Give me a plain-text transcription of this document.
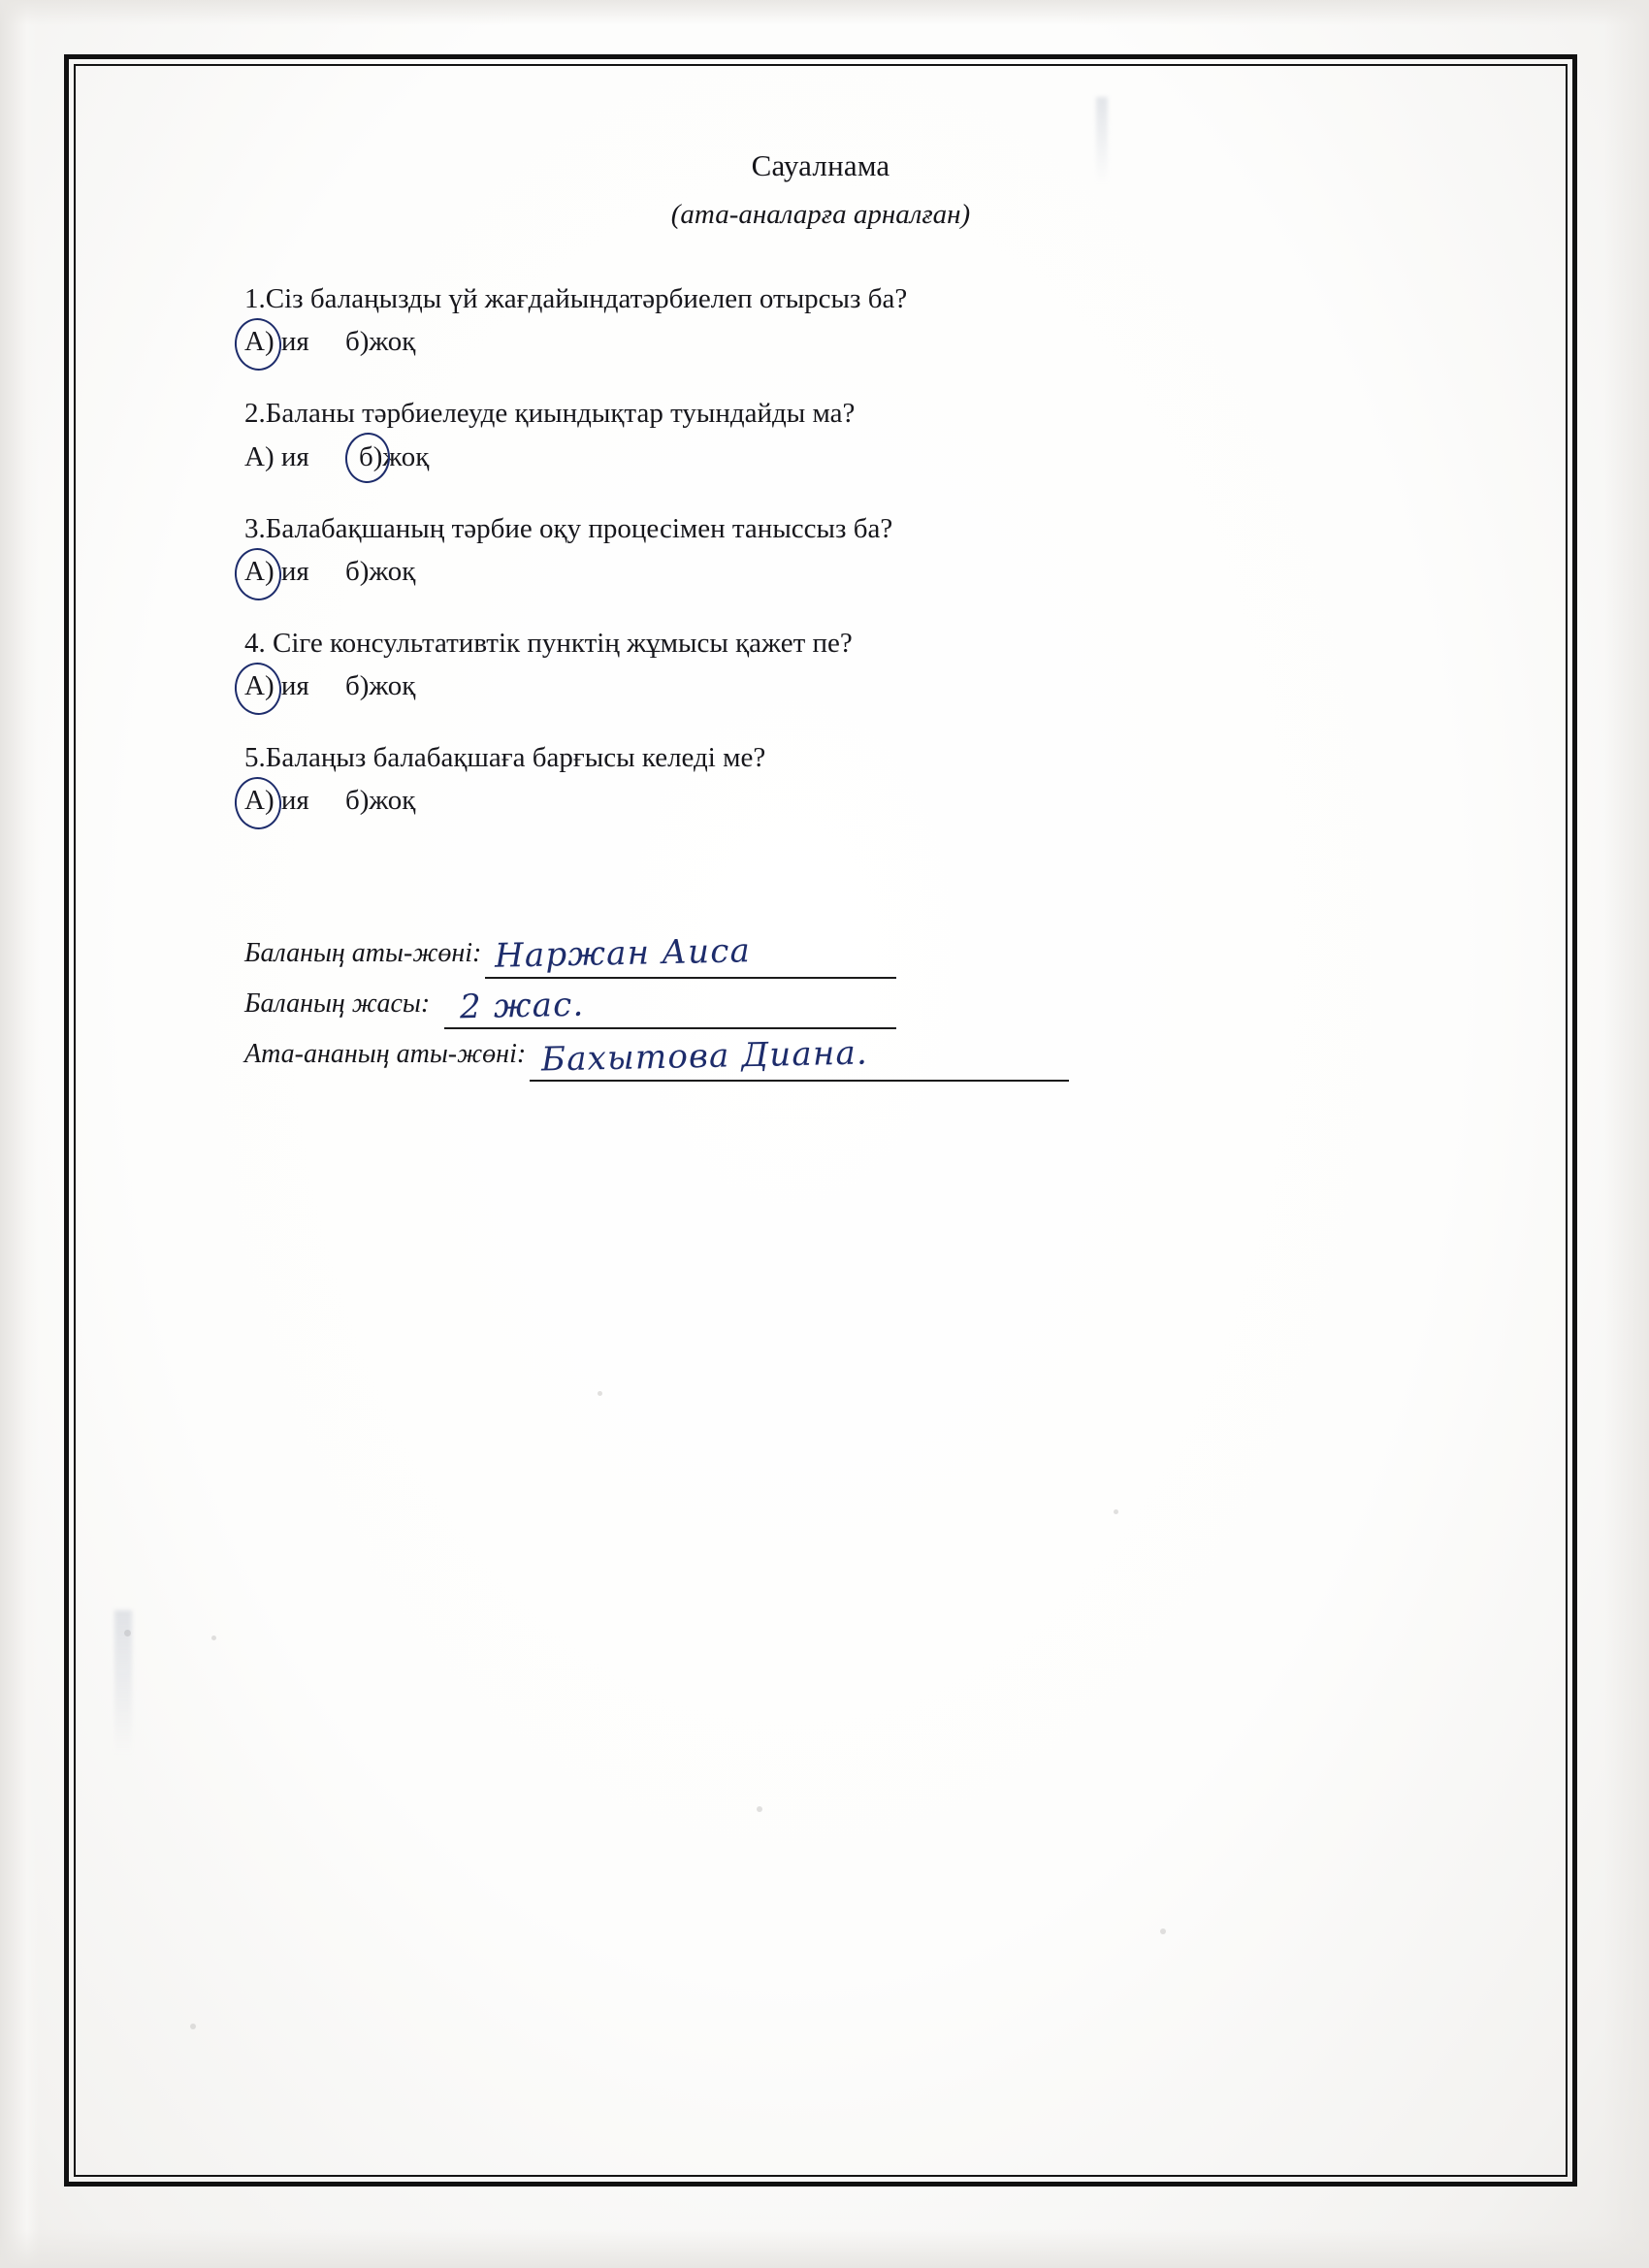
Сауалнама
(ата-аналарға арналған)
1.Сіз балаңызды үй жағдайындатәрбиелеп отырсыз ба?
А) ия б)жоқ
2.Баланы тәрбиелеуде қиындықтар туындайды ма?
А) ия б)жоқ
3.Балабақшаның тәрбие оқу процесімен таныссыз ба?
А) ия б)жоқ
4. Сіге консультативтік пунктің жұмысы қажет пе?
А) ия б)жоқ
5.Балаңыз балабақшаға барғысы келеді ме?
А) ия б)жоқ
Баланың аты-жөні: Наржан Аиса
Баланың жасы: 2 жас.
Ата-ананың аты-жөні: Бахытова Диана.
